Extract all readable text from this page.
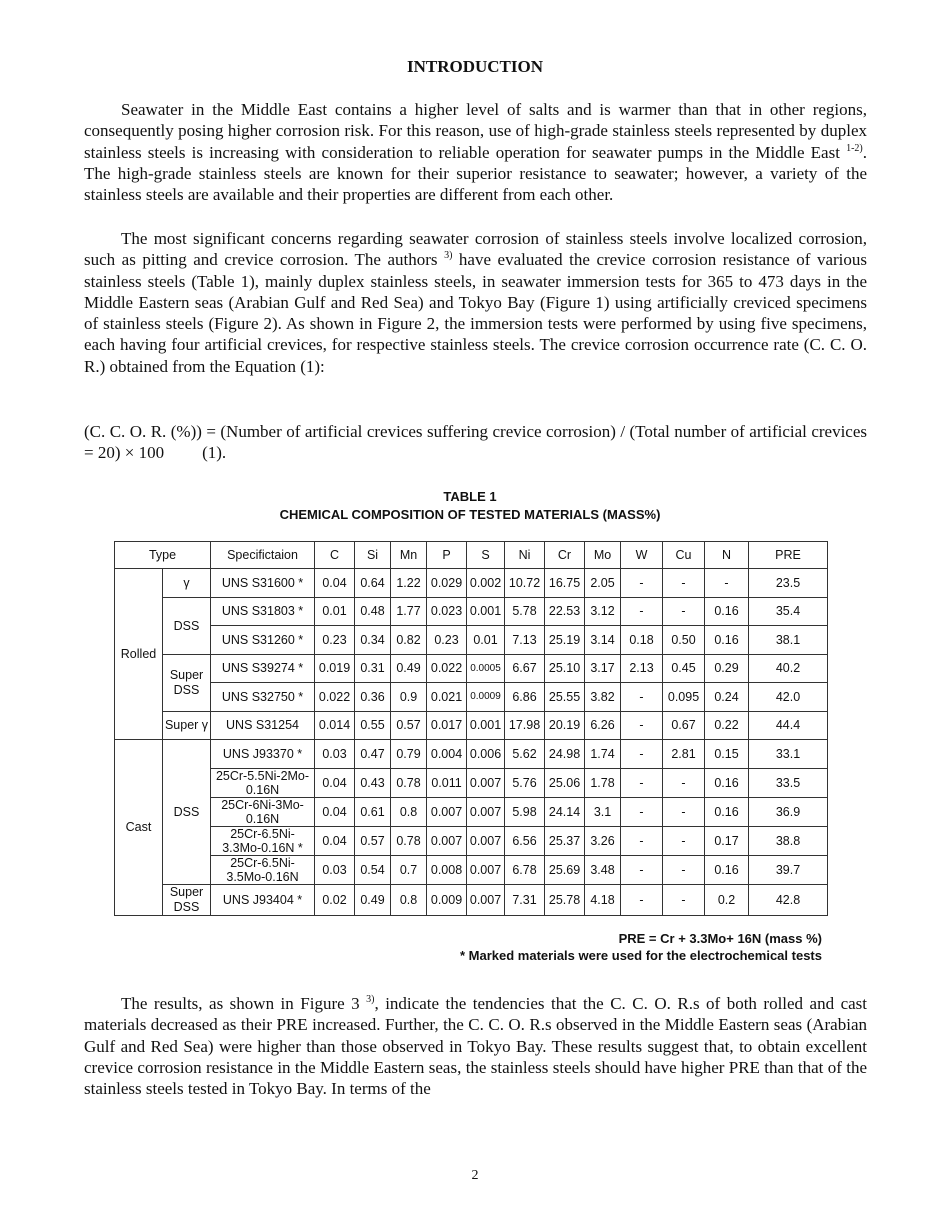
INTRODUCTION

Seawater in the Middle East contains a higher level of salts and is warmer than that in other regions, consequently posing higher corrosion risk. For this reason, use of high-grade stainless steels represented by duplex stainless steels is increasing with consideration to reliable operation for seawater pumps in the Middle East $^{1-2)}$. The high-grade stainless steels are known for their superior resistance to seawater; however, a variety of the stainless steels are available and their properties are different from each other.

The most significant concerns regarding seawater corrosion of stainless steels involve localized corrosion, such as pitting and crevice corrosion. The authors $^{3)}$ have evaluated the crevice corrosion resistance of various stainless steels (Table 1), mainly duplex stainless steels, in seawater immersion tests for 365 to 473 days in the Middle Eastern seas (Arabian Gulf and Red Sea) and Tokyo Bay (Figure 1) using artificially creviced specimens of stainless steels (Figure 2). As shown in Figure 2, the immersion tests were performed by using five specimens, each having four artificial crevices, for respective stainless steels. The crevice corrosion occurrence rate (C. C. O. R.) obtained from the Equation (1):

(C. C. O. R. (%)) = (Number of artificial crevices suffering crevice corrosion) / (Total number of artificial crevices = 20) × 100 (1).

TABLE 1
CHEMICAL COMPOSITION OF TESTED MATERIALS (MASS%)
Type		Specifictaion	C	Si	Mn	P	S	Ni	Cr	Mo	W	Cu	N	PRE
Rolled	γ	UNS S31600 *	0.04	0.64	1.22	0.029	0.002	10.72	16.75	2.05	-	-	-	23.5
	DSS	UNS S31803 *	0.01	0.48	1.77	0.023	0.001	5.78	22.53	3.12	-	-	0.16	35.4
		UNS S31260 *	0.23	0.34	0.82	0.23	0.01	7.13	25.19	3.14	0.18	0.50	0.16	38.1
	Super DSS	UNS S39274 *	0.019	0.31	0.49	0.022	0.0005	6.67	25.10	3.17	2.13	0.45	0.29	40.2
		UNS S32750 *	0.022	0.36	0.9	0.021	0.0009	6.86	25.55	3.82	-	0.095	0.24	42.0
	Super γ	UNS S31254	0.014	0.55	0.57	0.017	0.001	17.98	20.19	6.26	-	0.67	0.22	44.4
Cast	DSS	UNS J93370 *	0.03	0.47	0.79	0.004	0.006	5.62	24.98	1.74	-	2.81	0.15	33.1
		25Cr-5.5Ni-2Mo-0.16N	0.04	0.43	0.78	0.011	0.007	5.76	25.06	1.78	-	-	0.16	33.5
		25Cr-6Ni-3Mo-0.16N	0.04	0.61	0.8	0.007	0.007	5.98	24.14	3.1	-	-	0.16	36.9
		25Cr-6.5Ni-3.3Mo-0.16N *	0.04	0.57	0.78	0.007	0.007	6.56	25.37	3.26	-	-	0.17	38.8
		25Cr-6.5Ni-3.5Mo-0.16N	0.03	0.54	0.7	0.008	0.007	6.78	25.69	3.48	-	-	0.16	39.7
	Super DSS	UNS J93404 *	0.02	0.49	0.8	0.009	0.007	7.31	25.78	4.18	-	-	0.2	42.8
PRE = Cr + 3.3Mo+ 16N (mass %)
* Marked materials were used for the electrochemical tests

The results, as shown in Figure 3 $^{3)}$, indicate the tendencies that the C. C. O. R.s of both rolled and cast materials decreased as their PRE increased. Further, the C. C. O. R.s observed in the Middle Eastern seas (Arabian Gulf and Red Sea) were higher than those observed in Tokyo Bay. These results suggest that, to obtain excellent crevice corrosion resistance in the Middle Eastern seas, the stainless steels should have higher PRE than that of the stainless steels tested in Tokyo Bay. In terms of the

2
